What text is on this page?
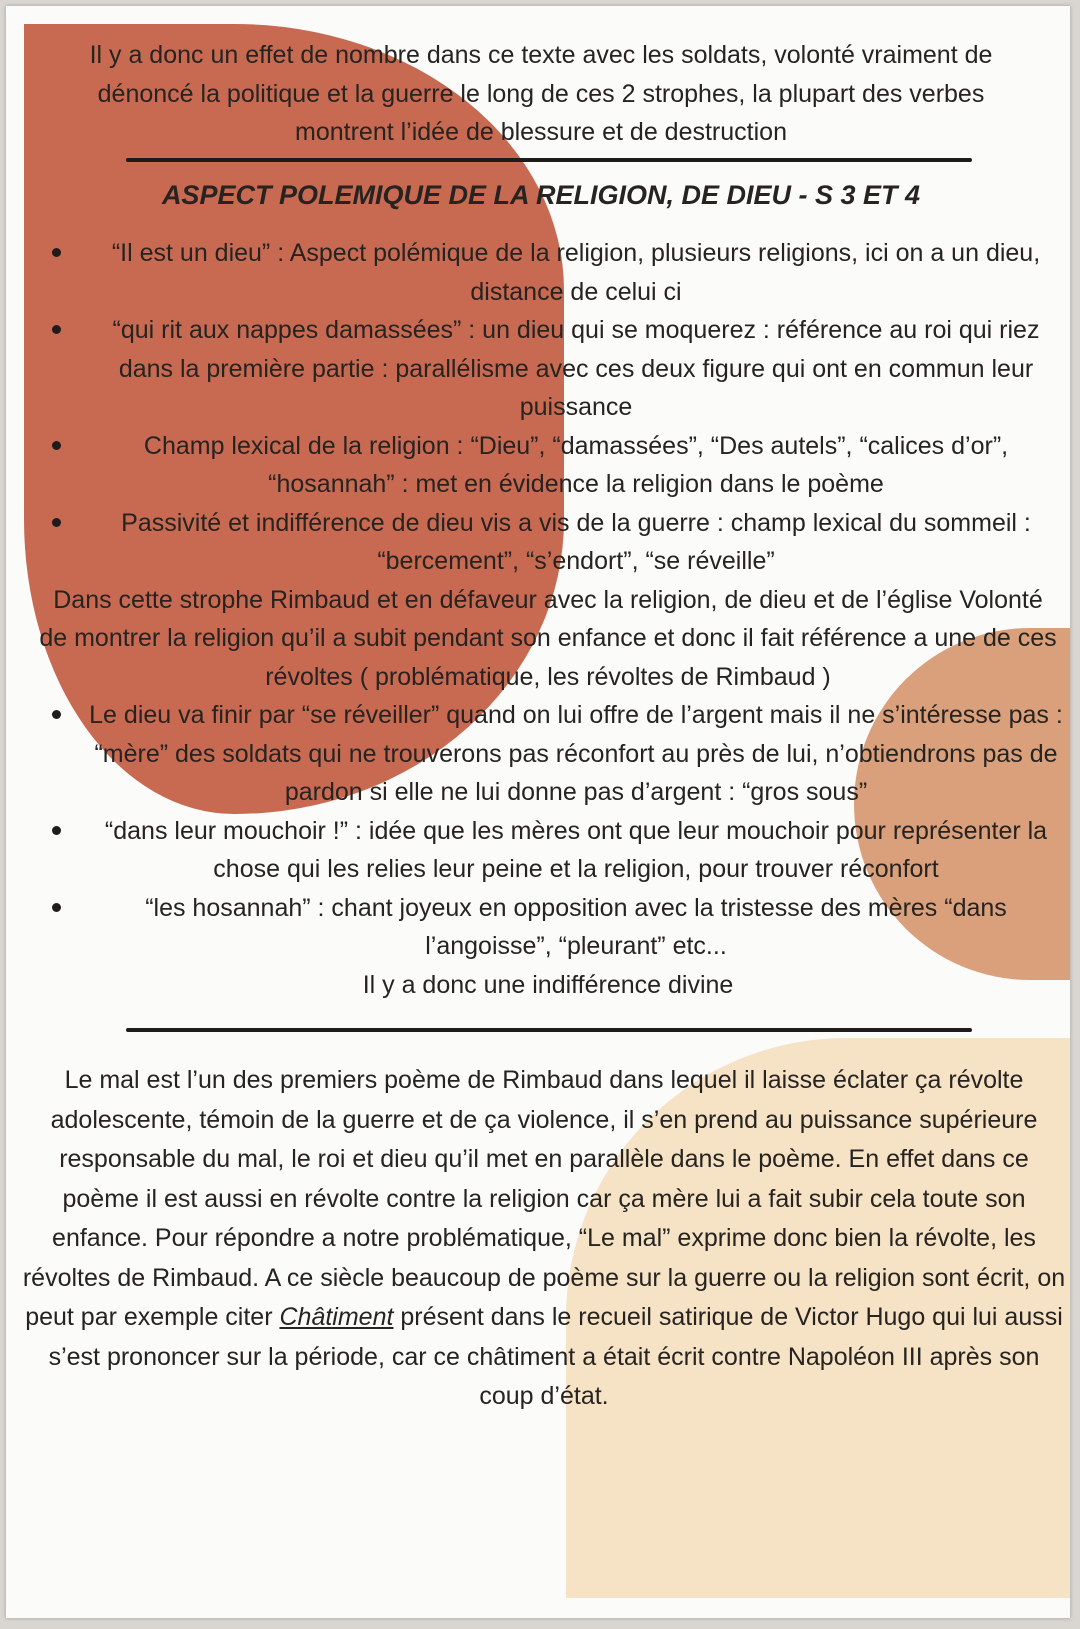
Il y a donc un effet de nombre dans ce texte avec les soldats, volonté vraiment de dénoncé la politique et la guerre le long de ces 2 strophes, la plupart des verbes montrent l’idée de blessure et de destruction

ASPECT POLEMIQUE DE LA RELIGION, DE DIEU - S 3 ET 4

“Il est un dieu” : Aspect polémique de la religion, plusieurs religions, ici on a un dieu, distance de celui ci

“qui rit aux nappes damassées” : un dieu qui se moquerez : référence au roi qui riez dans la première partie : parallélisme avec ces deux figure qui ont en commun leur puissance

Champ lexical de la religion : “Dieu”, “damassées”, “Des autels”, “calices d’or”, “hosannah” : met en évidence la religion dans le poème

Passivité et indifférence de dieu vis a vis de la guerre : champ lexical du sommeil : “bercement”, “s’endort”, “se réveille”

Dans cette strophe Rimbaud et en défaveur avec la religion, de dieu et de l’église Volonté de montrer la religion qu’il a subit pendant son enfance et donc il fait référence a une de ces révoltes ( problématique, les révoltes de Rimbaud )

Le dieu va finir par “se réveiller” quand on lui offre de l’argent mais il ne s’intéresse pas : “mère” des soldats qui ne trouverons pas réconfort au près de lui, n’obtiendrons pas de pardon si elle ne lui donne pas d’argent : “gros sous”

“dans leur mouchoir !” : idée que les mères ont que leur mouchoir pour représenter la chose qui les relies leur peine et la religion, pour trouver réconfort

“les hosannah” : chant joyeux en opposition avec la tristesse des mères “dans l’angoisse”, “pleurant” etc...

Il y a donc une indifférence divine

Le mal est l’un des premiers poème de Rimbaud dans lequel il laisse éclater ça révolte adolescente, témoin de la guerre et de ça violence, il s’en prend au puissance supérieure responsable du mal, le roi et dieu qu’il met en parallèle dans le poème. En effet dans ce poème il est aussi en révolte contre la religion car ça mère lui a fait subir cela toute son enfance. Pour répondre a notre problématique, “Le mal” exprime donc bien la révolte, les révoltes de Rimbaud. A ce siècle beaucoup de poème sur la guerre ou la religion sont écrit, on peut par exemple citer Châtiment présent dans le recueil satirique de Victor Hugo qui lui aussi s’est prononcer sur la période, car ce châtiment a était écrit contre Napoléon III après son coup d’état.
